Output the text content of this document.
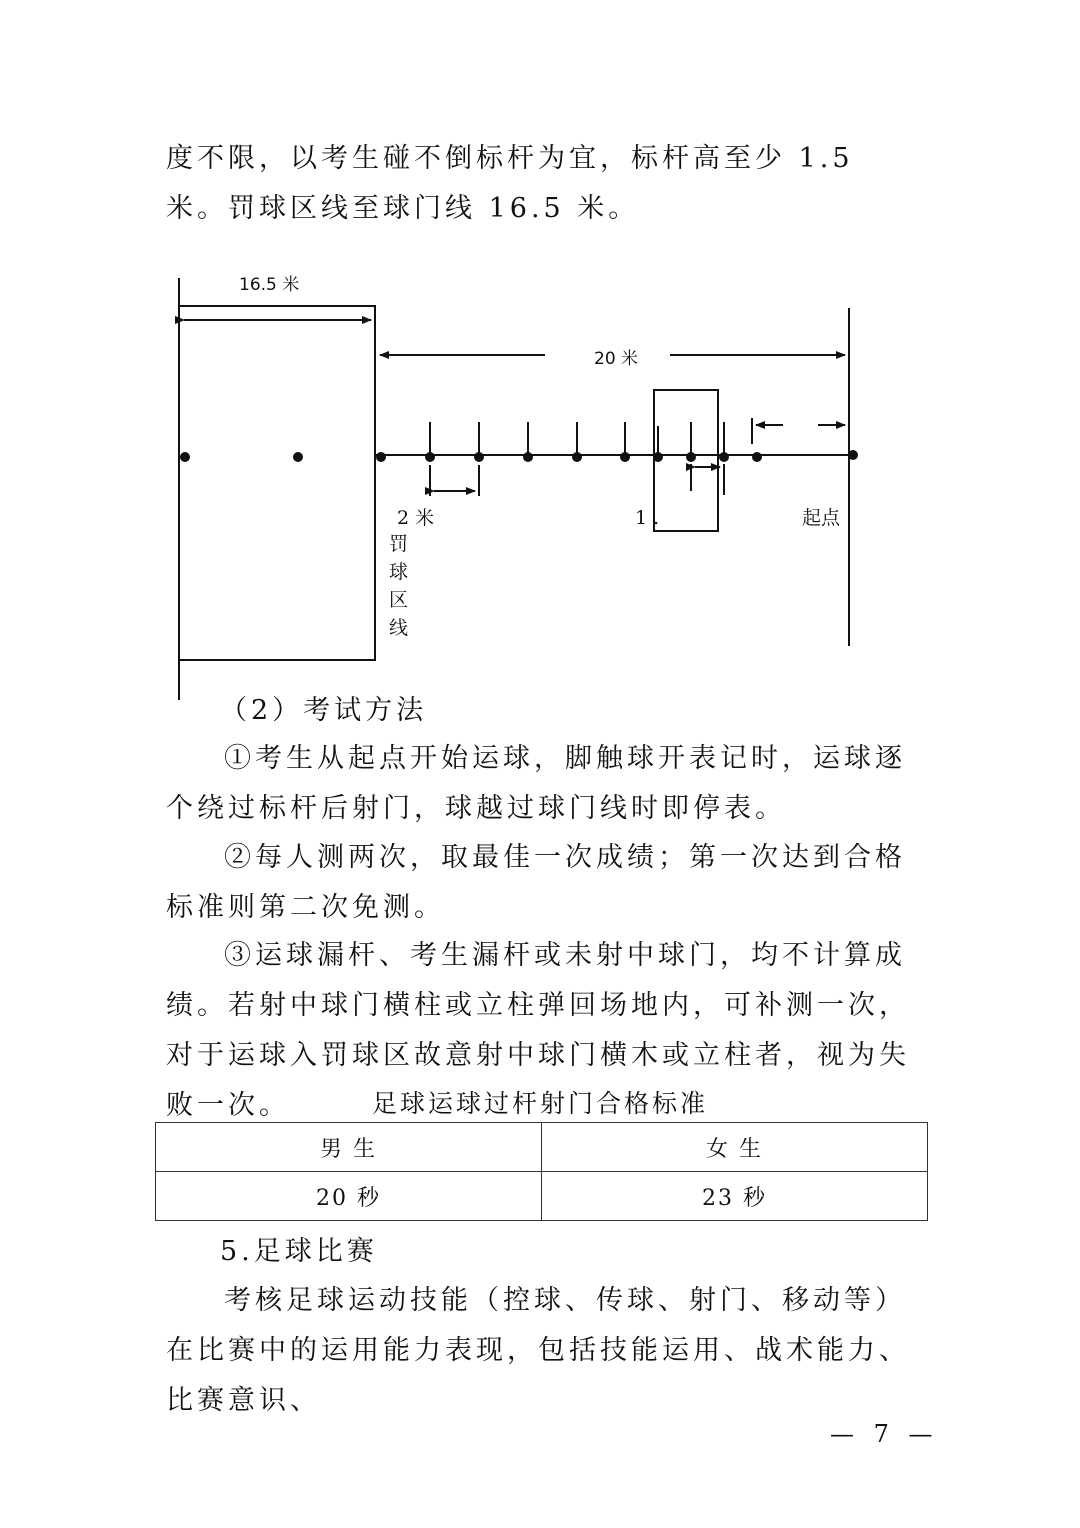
度不限，以考生碰不倒标杆为宜，标杆高至少 1.5 米。罚球区线至球门线 16.5 米。

16.5 米
20 米
2 米	1 .	起点
罚
球
区
线

（2）考试方法

①考生从起点开始运球，脚触球开表记时，运球逐个绕过标杆后射门，球越过球门线时即停表。

②每人测两次，取最佳一次成绩；第一次达到合格标准则第二次免测。

③运球漏杆、考生漏杆或未射中球门，均不计算成绩。若射中球门横柱或立柱弹回场地内，可补测一次，对于运球入罚球区故意射中球门横木或立柱者，视为失败一次。	足球运球过杆射门合格标准

男 生	女 生
20 秒	23 秒

5.足球比赛

考核足球运动技能（控球、传球、射门、移动等）在比赛中的运用能力表现，包括技能运用、战术能力、比赛意识、

— 7 —
